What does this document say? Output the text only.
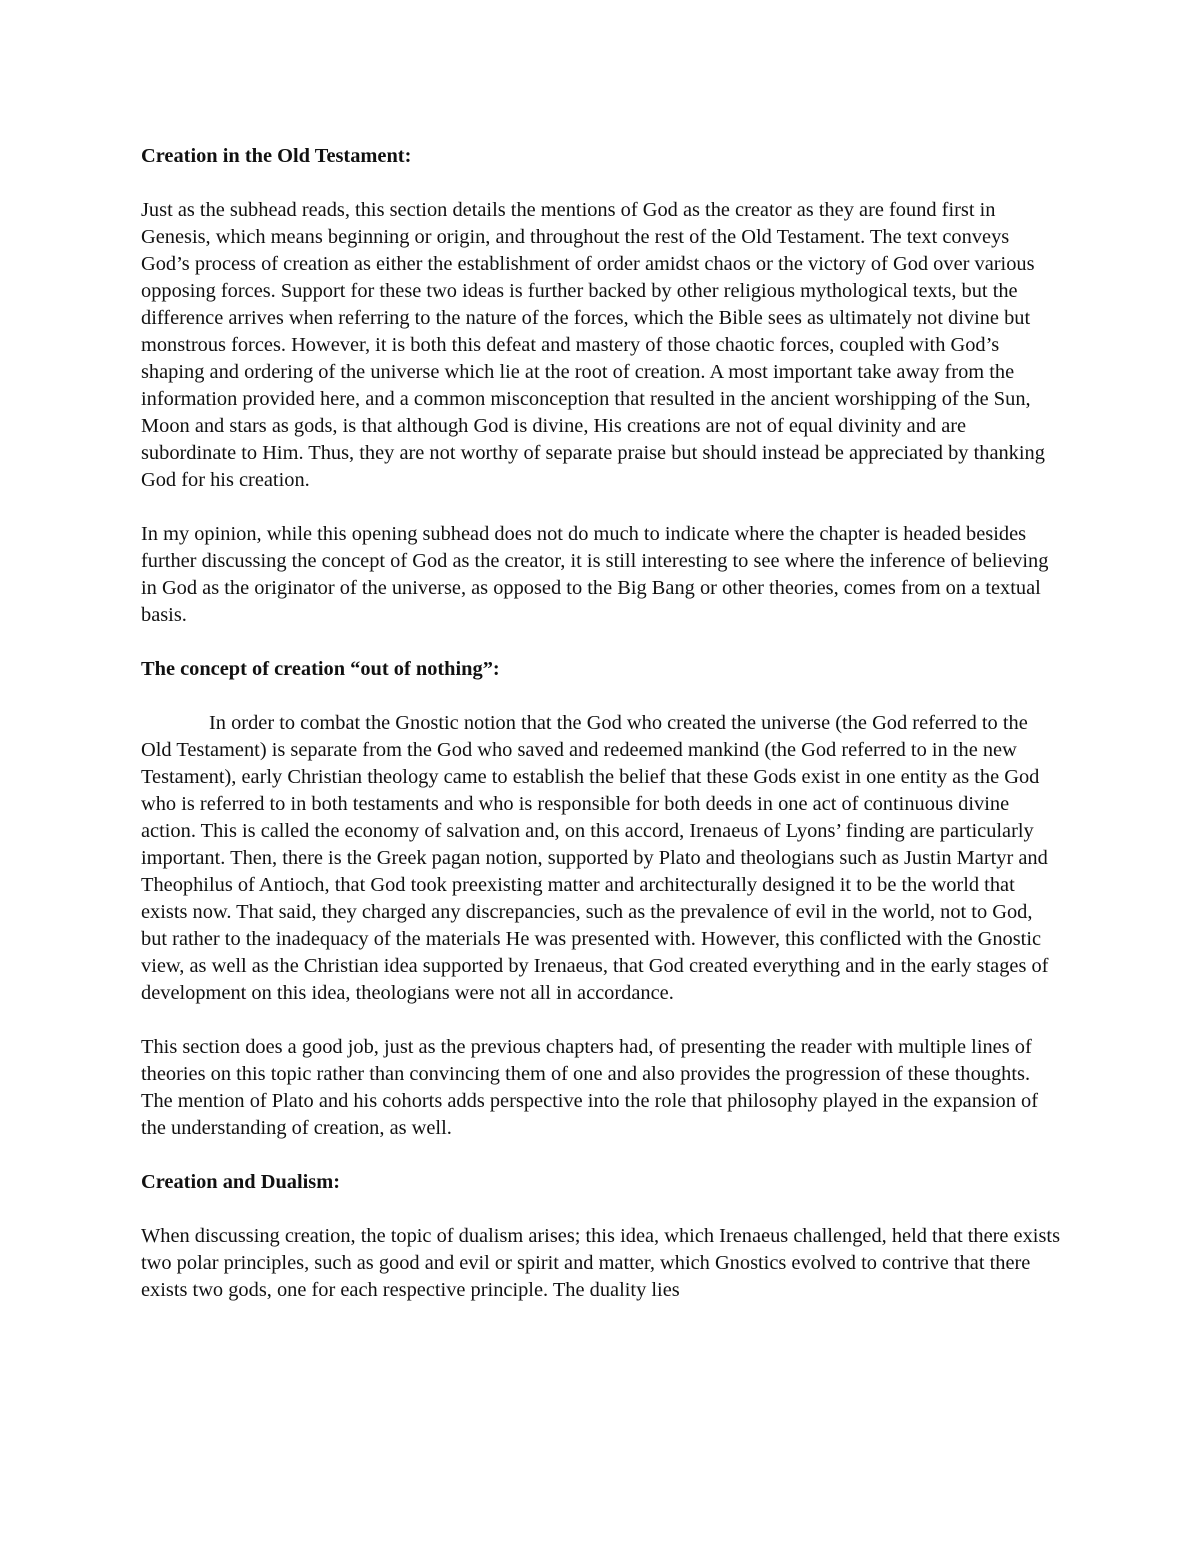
Creation in the Old Testament:

Just as the subhead reads, this section details the mentions of God as the creator as they are found first in Genesis, which means beginning or origin, and throughout the rest of the Old Testament. The text conveys God’s process of creation as either the establishment of order amidst chaos or the victory of God over various opposing forces. Support for these two ideas is further backed by other religious mythological texts, but the difference arrives when referring to the nature of the forces, which the Bible sees as ultimately not divine but monstrous forces. However, it is both this defeat and mastery of those chaotic forces, coupled with God’s shaping and ordering of the universe which lie at the root of creation. A most important take away from the information provided here, and a common misconception that resulted in the ancient worshipping of the Sun, Moon and stars as gods, is that although God is divine, His creations are not of equal divinity and are subordinate to Him. Thus, they are not worthy of separate praise but should instead be appreciated by thanking God for his creation.

In my opinion, while this opening subhead does not do much to indicate where the chapter is headed besides further discussing the concept of God as the creator, it is still interesting to see where the inference of believing in God as the originator of the universe, as opposed to the Big Bang or other theories, comes from on a textual basis.

The concept of creation “out of nothing”:

In order to combat the Gnostic notion that the God who created the universe (the God referred to the Old Testament) is separate from the God who saved and redeemed mankind (the God referred to in the new Testament), early Christian theology came to establish the belief that these Gods exist in one entity as the God who is referred to in both testaments and who is responsible for both deeds in one act of continuous divine action. This is called the economy of salvation and, on this accord, Irenaeus of Lyons’ finding are particularly important. Then, there is the Greek pagan notion, supported by Plato and theologians such as Justin Martyr and Theophilus of Antioch, that God took preexisting matter and architecturally designed it to be the world that exists now. That said, they charged any discrepancies, such as the prevalence of evil in the world, not to God, but rather to the inadequacy of the materials He was presented with. However, this conflicted with the Gnostic view, as well as the Christian idea supported by Irenaeus, that God created everything and in the early stages of development on this idea, theologians were not all in accordance.

This section does a good job, just as the previous chapters had, of presenting the reader with multiple lines of theories on this topic rather than convincing them of one and also provides the progression of these thoughts. The mention of Plato and his cohorts adds perspective into the role that philosophy played in the expansion of the understanding of creation, as well.

Creation and Dualism:

When discussing creation, the topic of dualism arises; this idea, which Irenaeus challenged, held that there exists two polar principles, such as good and evil or spirit and matter, which Gnostics evolved to contrive that there exists two gods, one for each respective principle. The duality lies
